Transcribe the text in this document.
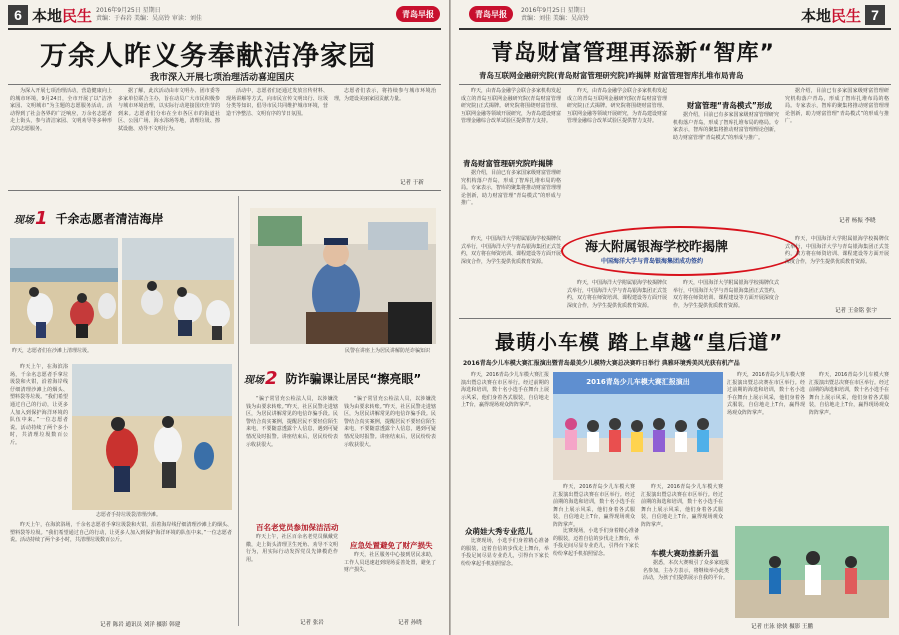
6 本地民生 2016年9月25日 星期日
责编：于春岩 美编：吴高铃 审读：刘佳	青岛早报
万余人昨义务奉献洁净家园
我市深入开展七项治理活动喜迎国庆

为深入开展七项治理活动，营造健康向上的城市环境，9月24日，全市开展了以“洁净家园、文明城市”为主题的志愿服务活动。活动得到了社会各界的广泛响应，万余名志愿者走上街头，参与清洁家园、文明劝导等多种形式的志愿服务。

据了解，此次活动由市文明办、团市委等多家单位联合主办，旨在动员广大市民积极参与城市环境治理，以实际行动迎接国庆佳节的到来。志愿者们分布在全市各区市的街道社区、公园广场、海水浴场等地，清理垃圾、擦拭设施、劝导不文明行为。

活动中，志愿者们还通过发放宣传材料、现场讲解等方式，向市民宣传文明出行、垃圾分类等知识，倡导市民共同维护城市环境，营造干净整洁、文明有序的节日氛围。

志愿者们表示，将持续参与城市环境治理，为建设美丽家园贡献力量。

记者 于新
现场 1 千余志愿者清洁海岸
昨天，志愿者们在沙滩上清理垃圾。

昨天上午，在海滨浴场，千余名志愿者手拿垃圾袋和火钳，沿着海岸线仔细清理沙滩上的烟头、塑料袋等垃圾。“我们希望通过自己的行动，让更多人加入到保护海洋环境的队伍中来。”一位志愿者说。活动持续了两个多小时，共清理垃圾数百公斤。

志愿者手持垃圾袋清理沙滩。

昨天上午，在海滨浴场，千余名志愿者手拿垃圾袋和火钳，沿着海岸线仔细清理沙滩上的烟头、塑料袋等垃圾。“我们希望通过自己的行动，让更多人加入到保护海洋环境的队伍中来。”一位志愿者说。活动持续了两个多小时，共清理垃圾数百公斤。

记者 陈岩 通讯员 刘洋 摄影 韩建
民警在讲座上为居民讲解防范诈骗知识
现场 2 防诈骗课让居民“擦亮眼”

“骗子常冒充公检法人员，以涉嫌洗钱为由要求转账。”昨天，社区民警走进辖区，为居民讲解常见的电信诈骗手段。民警结合真实案例，提醒居民不要轻信陌生来电，不要随意透露个人信息，遇到可疑情况及时报警。讲座结束后，居民纷纷表示收获很大。

“骗子常冒充公检法人员，以涉嫌洗钱为由要求转账。”昨天，社区民警走进辖区，为居民讲解常见的电信诈骗手段。民警结合真实案例，提醒居民不要轻信陌生来电，不要随意透露个人信息，遇到可疑情况及时报警。讲座结束后，居民纷纷表示收获很大。

百名老党员参加保洁活动

昨天上午，社区百余名老党员佩戴党徽，走上街头清理卫生死角、劝导不文明行为，用实际行动发挥党员先锋模范作用。

记者 张岩
应急处置避免了财产损失

昨天，社区服务中心接到居民求助，工作人员迅速赶到现场妥善处置，避免了财产损失。

记者 孙晓
青岛早报	2016年9月25日 星期日
责编：刘佳 美编：吴高铃	本地民生 7
青岛财富管理再添新“智库”
青岛互联网金融研究院(青岛财富管理研究院)昨揭牌 财富管理智库扎堆布局青岛

昨天，由青岛金融学会联合多家机构发起成立的青岛互联网金融研究院(青岛财富管理研究院)正式揭牌。研究院将围绕财富管理、互联网金融等领域开展研究，为青岛建设财富管理金融综合改革试验区提供智力支持。

青岛财富管理研究院昨揭牌

据介绍，目前已有多家国家级财富管理研究机构落户青岛，形成了智库扎堆布局的格局。专家表示，智库的聚集将推动财富管理理论创新，助力财富管理“青岛模式”的形成与推广。

昨天，由青岛金融学会联合多家机构发起成立的青岛互联网金融研究院(青岛财富管理研究院)正式揭牌。研究院将围绕财富管理、互联网金融等领域开展研究，为青岛建设财富管理金融综合改革试验区提供智力支持。

财富管理“青岛模式”形成

据介绍，目前已有多家国家级财富管理研究机构落户青岛，形成了智库扎堆布局的格局。专家表示，智库的聚集将推动财富管理理论创新，助力财富管理“青岛模式”的形成与推广。

据介绍，目前已有多家国家级财富管理研究机构落户青岛，形成了智库扎堆布局的格局。专家表示，智库的聚集将推动财富管理理论创新，助力财富管理“青岛模式”的形成与推广。

记者 杨振 李晓

昨天，中国海洋大学附属银海学校揭牌仪式举行，中国海洋大学与青岛银海集团正式签约，双方将在师资培训、课程建设等方面开展深度合作，为学生提供优质教育资源。

海大附属银海学校昨揭牌
中国海洋大学与青岛银海集团成功签约

昨天，中国海洋大学附属银海学校揭牌仪式举行，中国海洋大学与青岛银海集团正式签约，双方将在师资培训、课程建设等方面开展深度合作，为学生提供优质教育资源。

昨天，中国海洋大学附属银海学校揭牌仪式举行，中国海洋大学与青岛银海集团正式签约，双方将在师资培训、课程建设等方面开展深度合作，为学生提供优质教育资源。

昨天，中国海洋大学附属银海学校揭牌仪式举行，中国海洋大学与青岛银海集团正式签约，双方将在师资培训、课程建设等方面开展深度合作，为学生提供优质教育资源。

记者 王金铭 张宇
最萌小车模 踏上卓越“皇后道”
2016青岛少儿车模大赛汇报演出暨青岛最美少儿模特大赛总决赛昨日举行 典雅环境秀美风光获有机产品

昨天，2016青岛少儿车模大赛汇报演出暨总决赛在市区举行。经过前期的海选和培训，数十名小选手在舞台上展示风采，他们身着各式服装，自信地走上T台，赢得现场观众阵阵掌声。

2016青岛少儿车模大赛汇报演出

昨天，2016青岛少儿车模大赛汇报演出暨总决赛在市区举行。经过前期的海选和培训，数十名小选手在舞台上展示风采，他们身着各式服装，自信地走上T台，赢得现场观众阵阵掌声。

昨天，2016青岛少儿车模大赛汇报演出暨总决赛在市区举行。经过前期的海选和培训，数十名小选手在舞台上展示风采，他们身着各式服装，自信地走上T台，赢得现场观众阵阵掌声。

昨天，2016青岛少儿车模大赛汇报演出暨总决赛在市区举行。经过前期的海选和培训，数十名小选手在舞台上展示风采，他们身着各式服装，自信地走上T台，赢得现场观众阵阵掌声。

昨天，2016青岛少儿车模大赛汇报演出暨总决赛在市区举行。经过前期的海选和培训，数十名小选手在舞台上展示风采，他们身着各式服装，自信地走上T台，赢得现场观众阵阵掌声。

众萌娃大秀专业范儿

比赛现场，小选手们身着精心准备的服装，迈着自信的步伐走上舞台，举手投足间尽显专业范儿，引得台下家长纷纷拿起手机拍照留念。

比赛现场，小选手们身着精心准备的服装，迈着自信的步伐走上舞台，举手投足间尽显专业范儿，引得台下家长纷纷拿起手机拍照留念。	车模大赛助推新升温

据悉，本次大赛吸引了众多家庭报名参加，主办方表示，将继续举办此类活动，为孩子们提供展示自我的平台。

记者 庄泳 徐侠 摄影 王鹏
